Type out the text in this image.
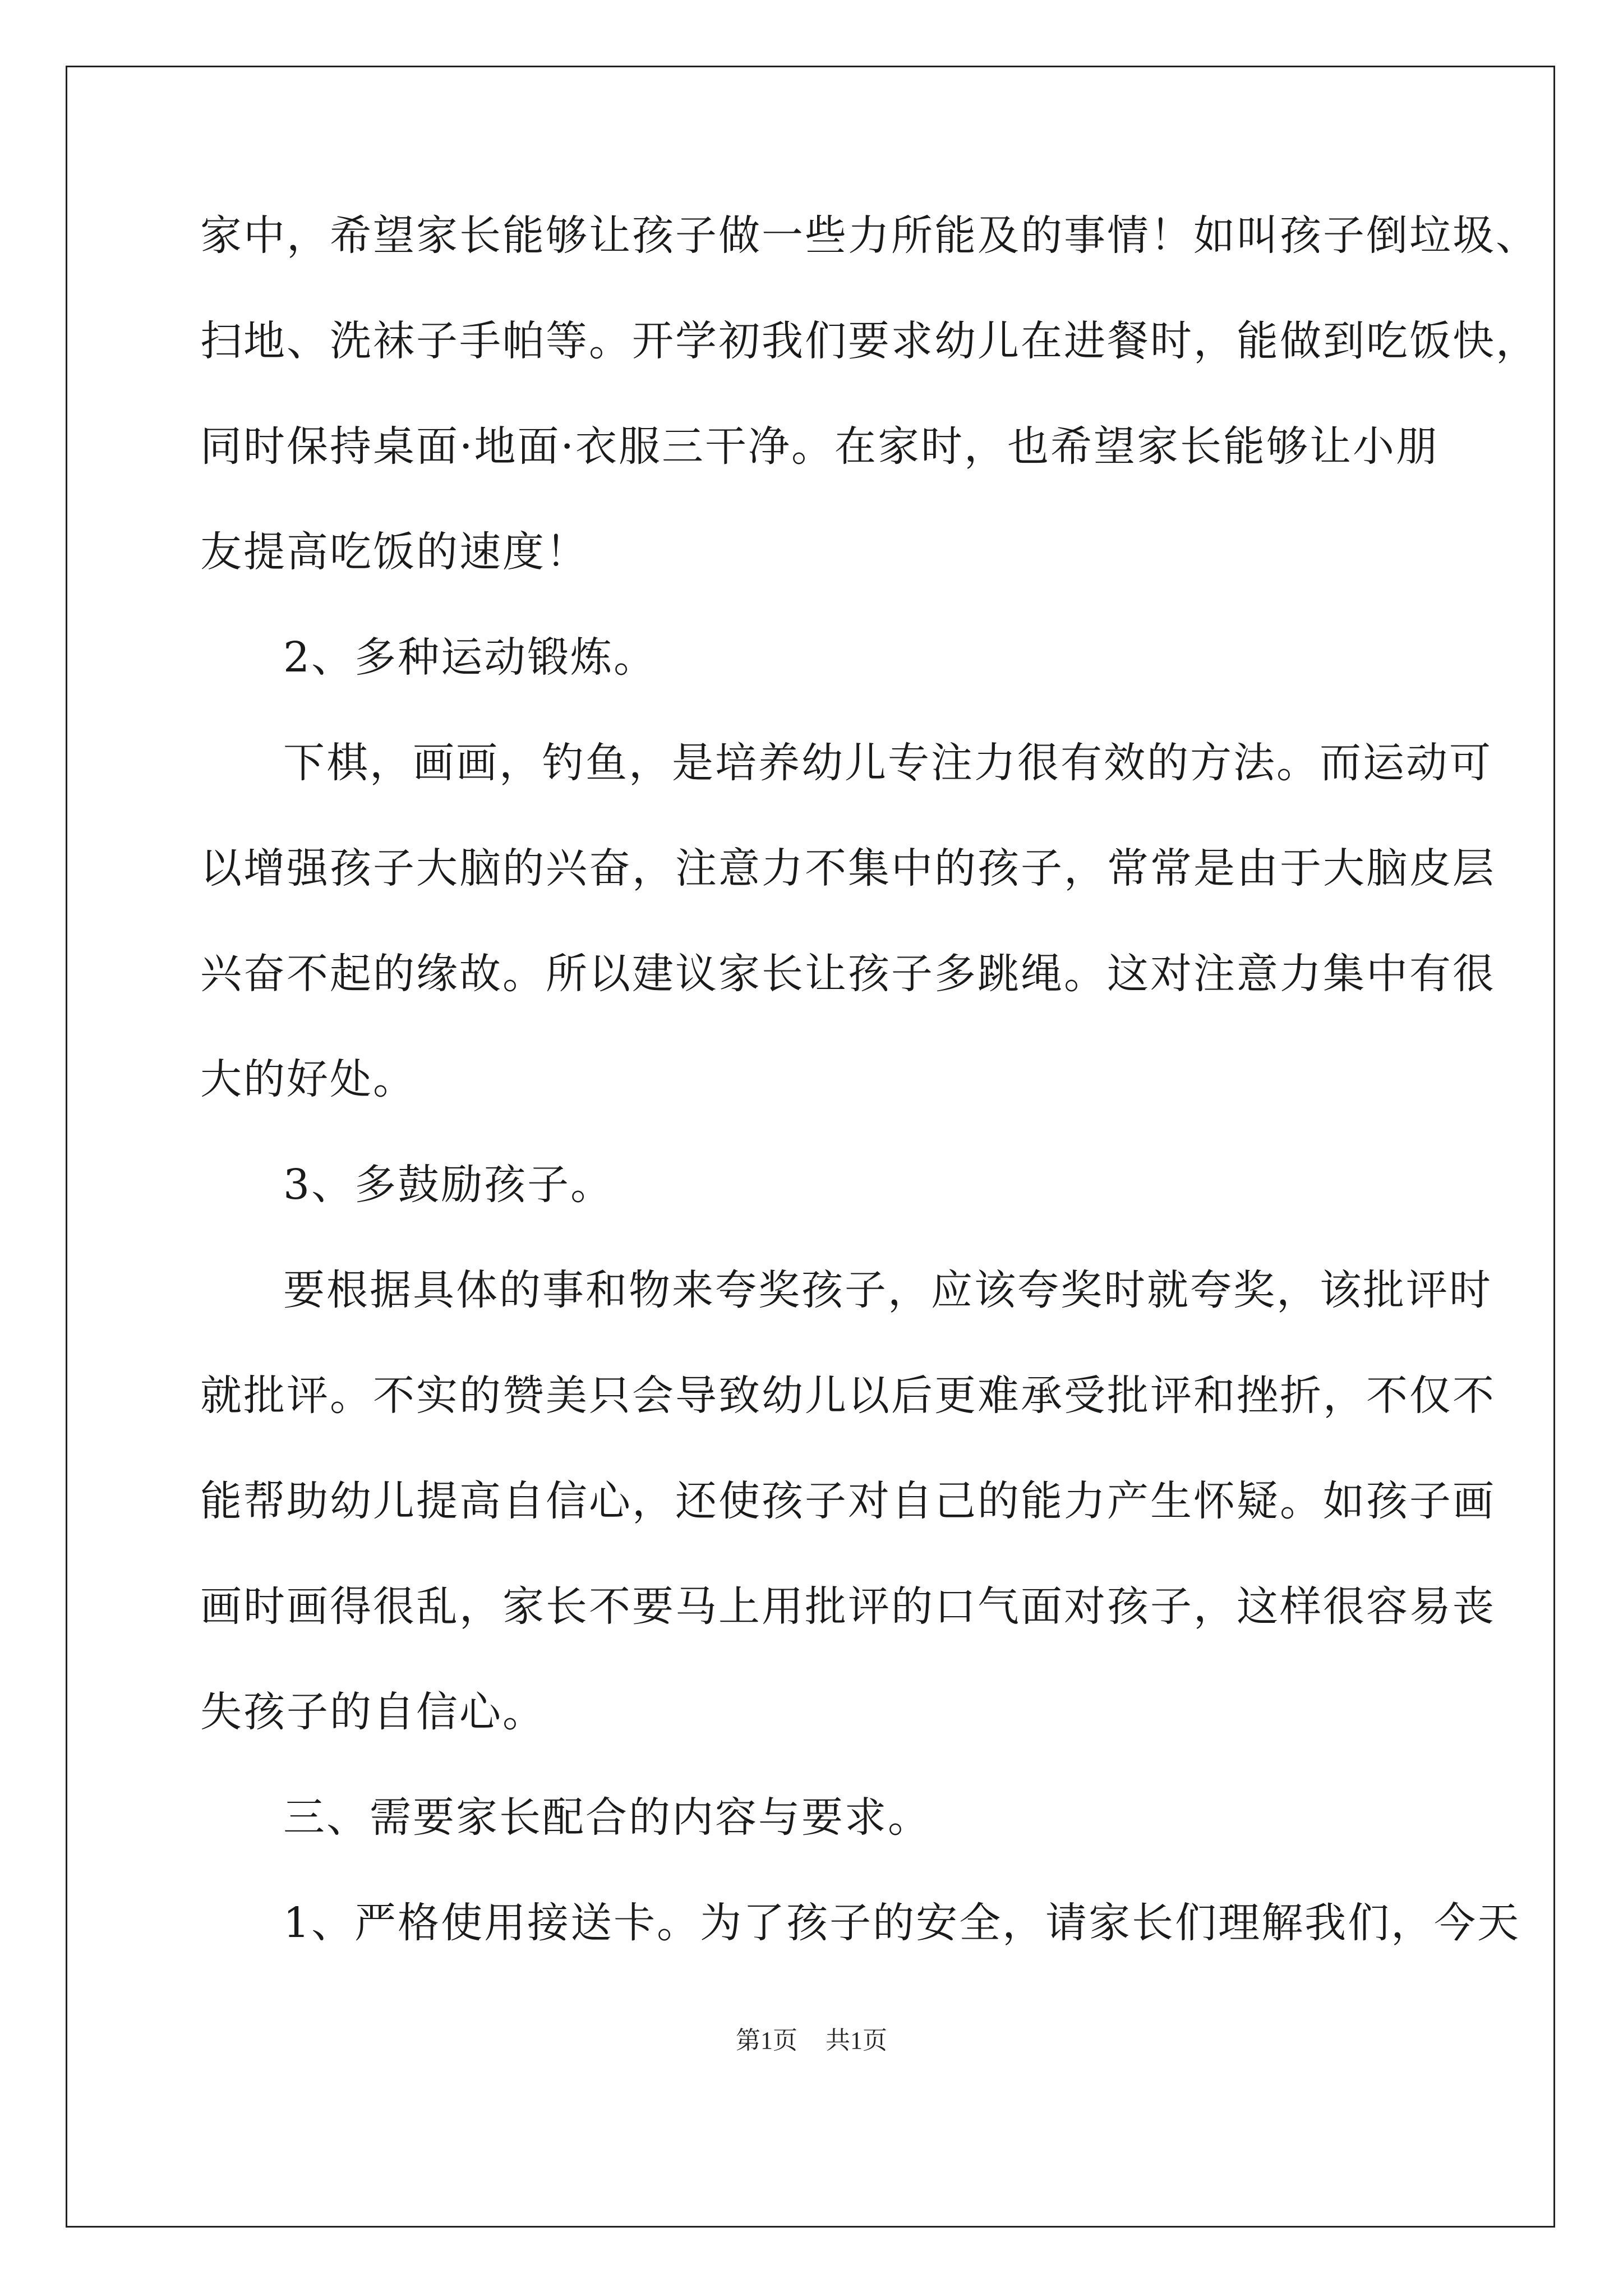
家中，希望家长能够让孩子做一些力所能及的事情！如叫孩子倒垃圾、
扫地、洗袜子手帕等。开学初我们要求幼儿在进餐时，能做到吃饭快，
同时保持桌面·地面·衣服三干净。在家时，也希望家长能够让小朋
友提高吃饭的速度！
2、多种运动锻炼。
下棋，画画，钓鱼，是培养幼儿专注力很有效的方法。而运动可
以增强孩子大脑的兴奋，注意力不集中的孩子，常常是由于大脑皮层
兴奋不起的缘故。所以建议家长让孩子多跳绳。这对注意力集中有很
大的好处。
3、多鼓励孩子。
要根据具体的事和物来夸奖孩子，应该夸奖时就夸奖，该批评时
就批评。不实的赞美只会导致幼儿以后更难承受批评和挫折，不仅不
能帮助幼儿提高自信心，还使孩子对自己的能力产生怀疑。如孩子画
画时画得很乱，家长不要马上用批评的口气面对孩子，这样很容易丧
失孩子的自信心。
三、需要家长配合的内容与要求。
1、严格使用接送卡。为了孩子的安全，请家长们理解我们，今天
第1页 共1页
